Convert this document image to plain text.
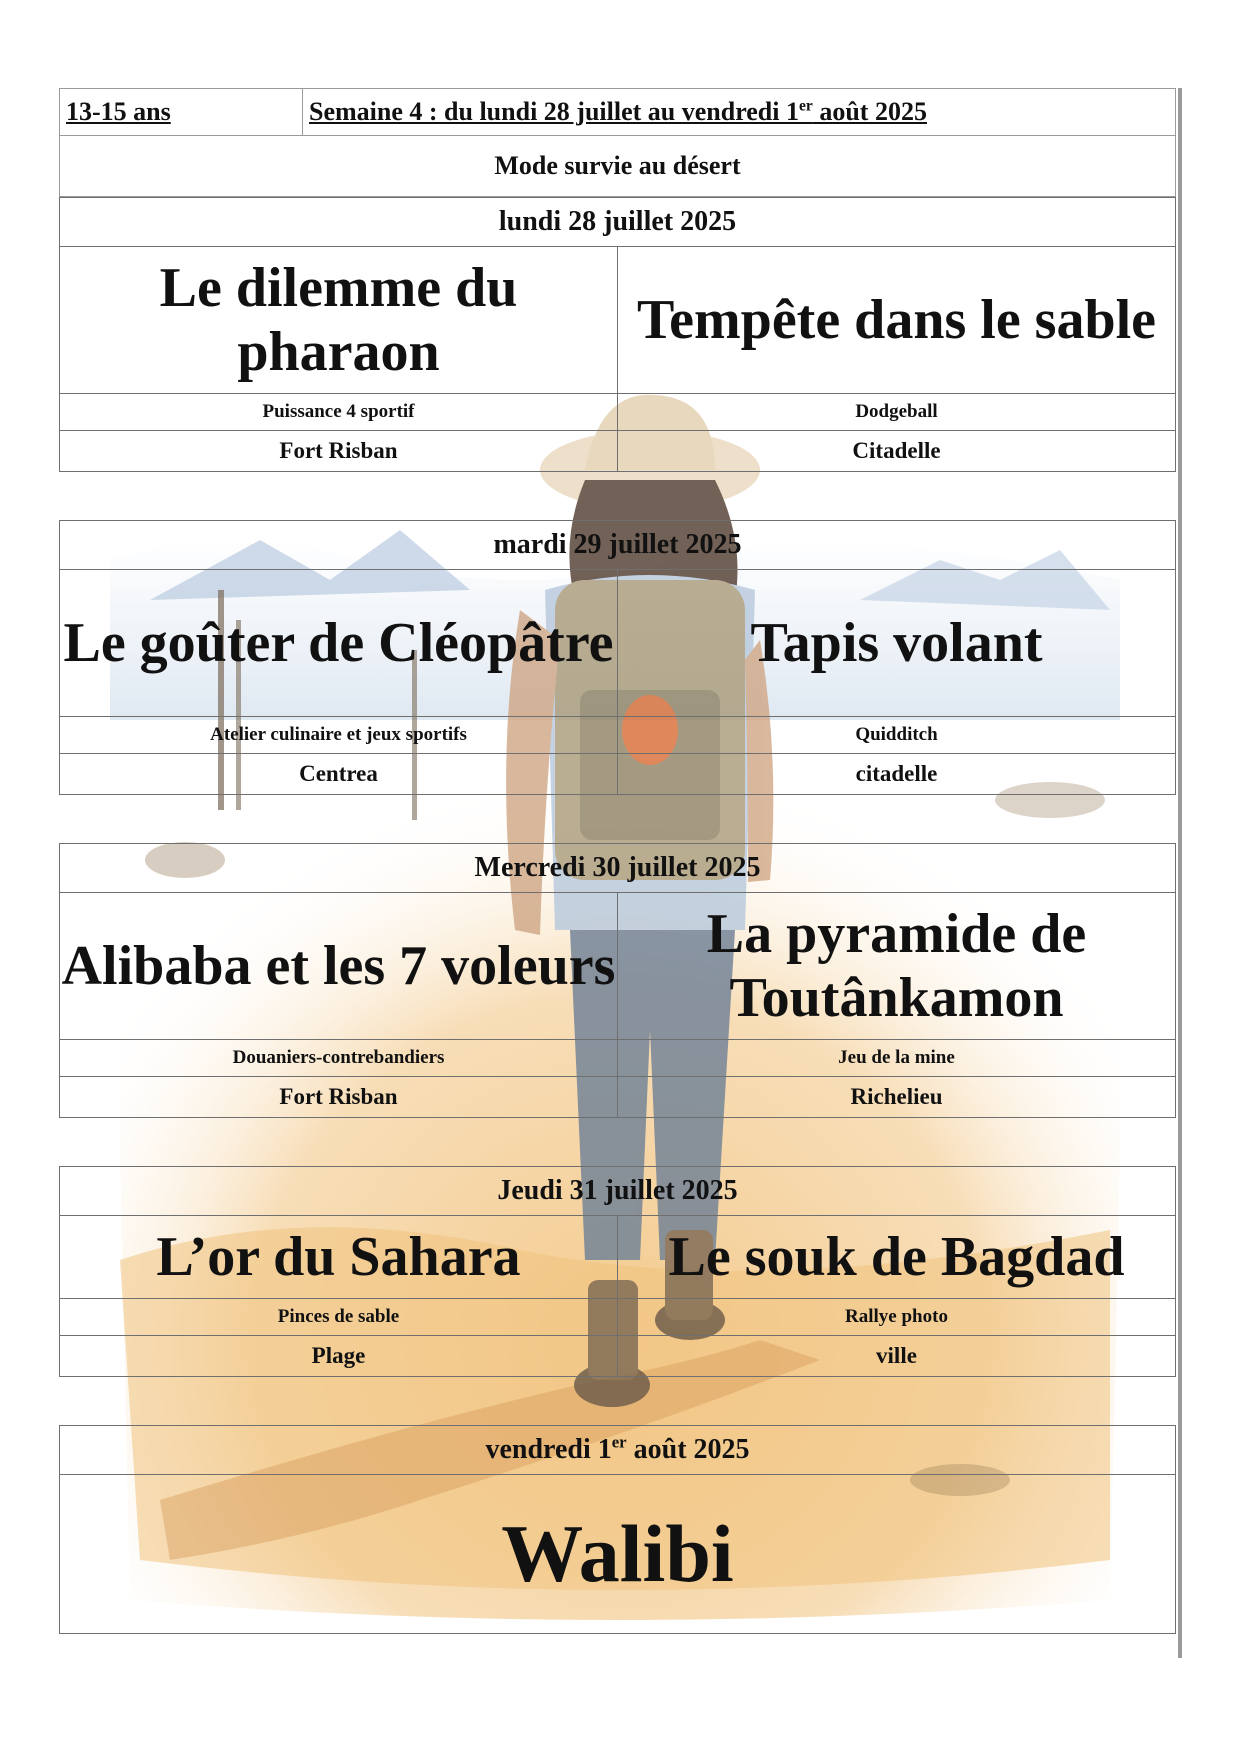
13-15 ans	Semaine 4 : du lundi 28 juillet au vendredi 1er août 2025
Mode survie au désert
lundi 28 juillet 2025	
Le dilemme du pharaon	Tempête dans le sable
Puissance 4 sportif	Dodgeball
Fort Risban	Citadelle
mardi 29 juillet 2025	
Le goûter de Cléopâtre	Tapis volant
Atelier culinaire et jeux sportifs	Quidditch
Centrea	citadelle
Mercredi 30 juillet 2025	
Alibaba et les 7 voleurs	La pyramide de Toutânkamon
Douaniers-contrebandiers	Jeu de la mine
Fort Risban	Richelieu
Jeudi 31 juillet 2025	
L’or du Sahara	Le souk de Bagdad
Pinces de sable	Rallye photo
Plage	ville
vendredi 1er août 2025
Walibi
